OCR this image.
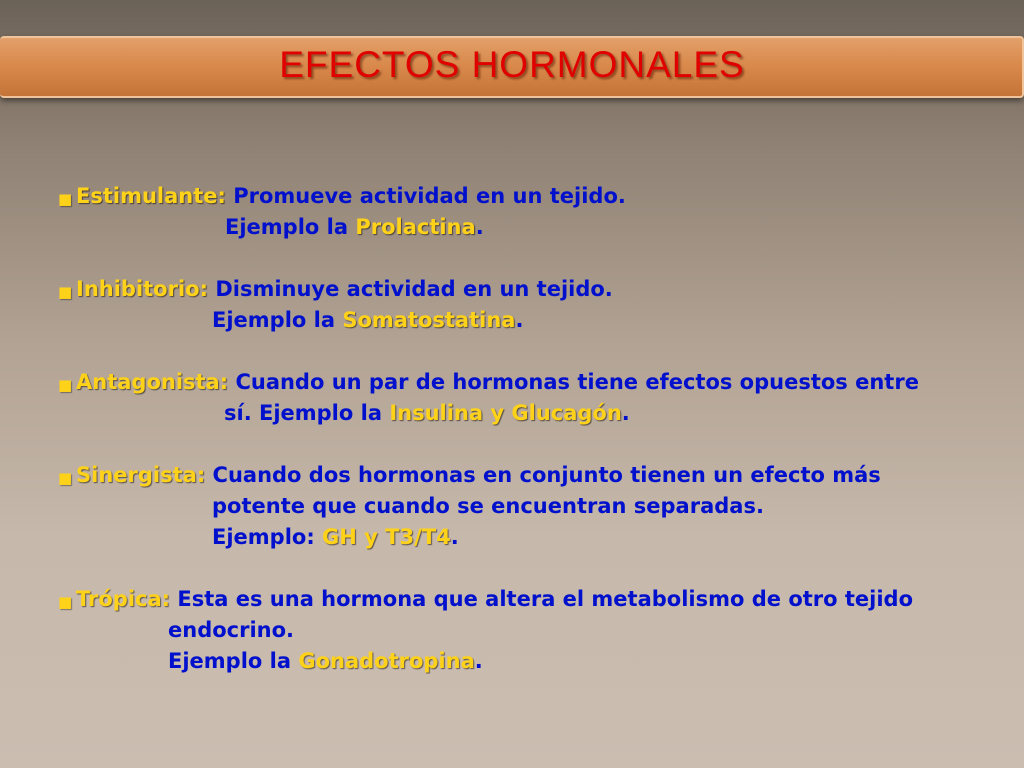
EFECTOS HORMONALES
■ Estimulante: Promueve actividad en un tejido.
Ejemplo la Prolactina.
■ Inhibitorio: Disminuye actividad en un tejido.
Ejemplo la Somatostatina.
■ Antagonista: Cuando un par de hormonas tiene efectos opuestos entre
sí. Ejemplo la Insulina y Glucagón.
■ Sinergista: Cuando dos hormonas en conjunto tienen un efecto más
potente que cuando se encuentran separadas.
Ejemplo: GH y T3/T4.
■ Trópica: Esta es una hormona que altera el metabolismo de otro tejido
endocrino.
Ejemplo la Gonadotropina.
